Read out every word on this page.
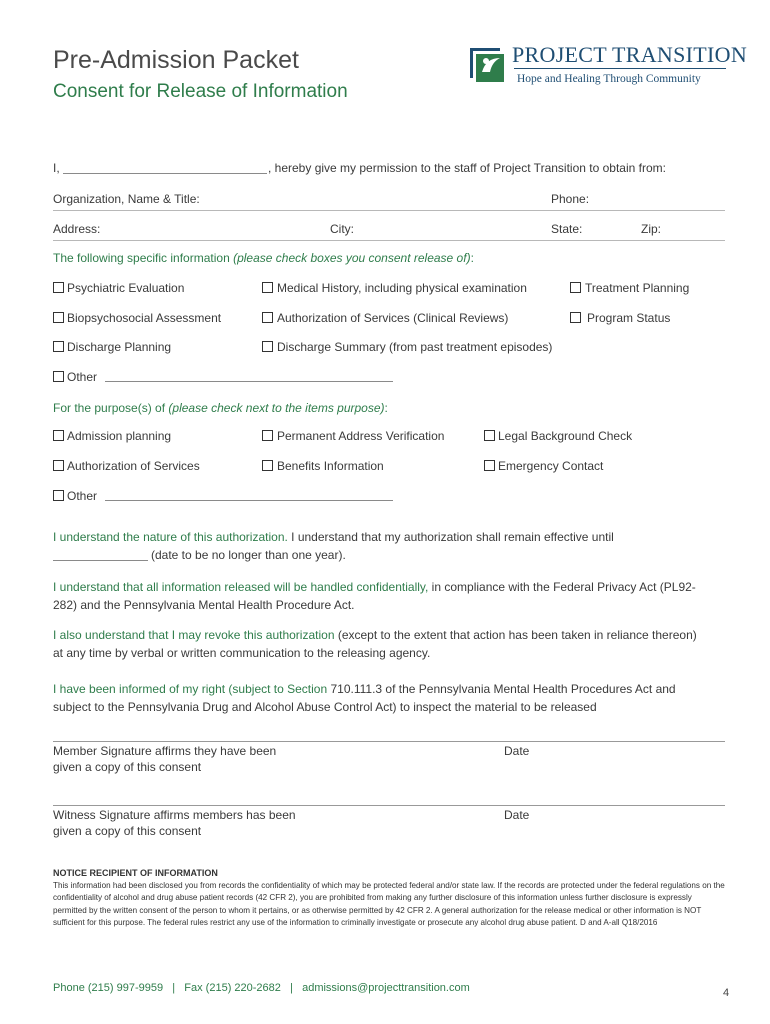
Pre-Admission Packet
Consent for Release of Information
PROJECT TRANSITION
Hope and Healing Through Community
I,	, hereby give my permission to the staff of Project Transition to obtain from:
Organization, Name & Title:	Phone:
Address:	City:	State:	Zip:
The following specific information (please check boxes you consent release of):
Psychiatric Evaluation	Medical History, including physical examination	Treatment Planning
Biopsychosocial Assessment	Authorization of Services (Clinical Reviews)	Program Status
Discharge Planning	Discharge Summary (from past treatment episodes)
Other
For the purpose(s) of (please check next to the items purpose):
Admission planning	Permanent Address Verification	Legal Background Check
Authorization of Services	Benefits Information	Emergency Contact
Other
I understand the nature of this authorization. I understand that my authorization shall remain effective until
(date to be no longer than one year).
I understand that all information released will be handled confidentially, in compliance with the Federal Privacy Act (PL92-282) and the Pennsylvania Mental Health Procedure Act.
I also understand that I may revoke this authorization (except to the extent that action has been taken in reliance thereon) at any time by verbal or written communication to the releasing agency.
I have been informed of my right (subject to Section 710.111.3 of the Pennsylvania Mental Health Procedures Act and subject to the Pennsylvania Drug and Alcohol Abuse Control Act) to inspect the material to be released
Member Signature affirms they have been
given a copy of this consent
Date
Witness Signature affirms members has been
given a copy of this consent
Date
NOTICE RECIPIENT OF INFORMATION
This information had been disclosed you from records the confidentiality of which may be protected federal and/or state law. If the records are protected under the federal regulations on the confidentiality of alcohol and drug abuse patient records (42 CFR 2), you are prohibited from making any further disclosure of this information unless further disclosure is expressly permitted by the written consent of the person to whom it pertains, or as otherwise permitted by 42 CFR 2. A general authorization for the release medical or other information is NOT sufficient for this purpose. The federal rules restrict any use of the information to criminally investigate or prosecute any alcohol drug abuse patient. D and A-all Q18/2016
Phone (215) 997-9959   |   Fax (215) 220-2682   |   admissions@projecttransition.com	4
